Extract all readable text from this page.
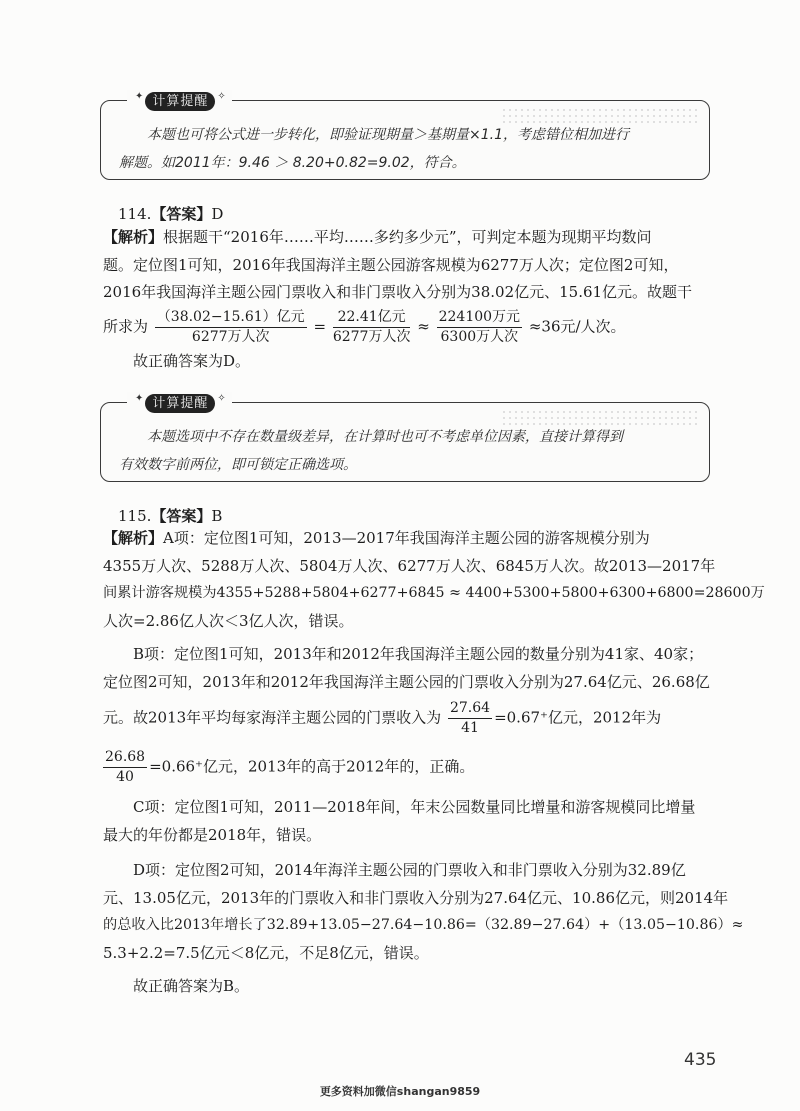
✦ 计算提醒 ✧

本题也可将公式进一步转化，即验证现期量＞基期量×1.1，考虑错位相加进行

解题。如2011年：9.46 ＞ 8.20+0.82=9.02，符合。

114.【答案】D
【解析】根据题干“2016年……平均……多约多少元”，可判定本题为现期平均数问
题。定位图1可知，2016年我国海洋主题公园游客规模为6277万人次；定位图2可知，
2016年我国海洋主题公园门票收入和非门票收入分别为38.02亿元、15.61亿元。故题干
所求为 $\frac{\text{（38.02−15.61）亿元}}{\text{6277万人次}} = \frac{\text{22.41亿元}}{\text{6277万人次}} \approx \frac{\text{224100万元}}{\text{6300万人次}} \approx 36$元/人次。
故正确答案为D。
✦ 计算提醒 ✧

本题选项中不存在数量级差异，在计算时也可不考虑单位因素，直接计算得到

有效数字前两位，即可锁定正确选项。

115.【答案】B
【解析】A项：定位图1可知，2013—2017年我国海洋主题公园的游客规模分别为
4355万人次、5288万人次、5804万人次、6277万人次、6845万人次。故2013—2017年
间累计游客规模为4355+5288+5804+6277+6845 ≈ 4400+5300+5800+6300+6800=28600万
人次=2.86亿人次＜3亿人次，错误。
B项：定位图1可知，2013年和2012年我国海洋主题公园的数量分别为41家、40家；
定位图2可知，2013年和2012年我国海洋主题公园的门票收入分别为27.64亿元、26.68亿
元。故2013年平均每家海洋主题公园的门票收入为 $\frac{27.64}{41} =0.67^+$亿元，2012年为
$\frac{26.68}{40} =0.66^+$亿元，2013年的高于2012年的，正确。
C项：定位图1可知，2011—2018年间，年末公园数量同比增量和游客规模同比增量
最大的年份都是2018年，错误。
D项：定位图2可知，2014年海洋主题公园的门票收入和非门票收入分别为32.89亿
元、13.05亿元，2013年的门票收入和非门票收入分别为27.64亿元、10.86亿元，则2014年
的总收入比2013年增长了32.89+13.05−27.64−10.86=（32.89−27.64）+（13.05−10.86）≈
5.3+2.2=7.5亿元＜8亿元，不足8亿元，错误。
故正确答案为B。
435
更多资料加微信shangan9859
